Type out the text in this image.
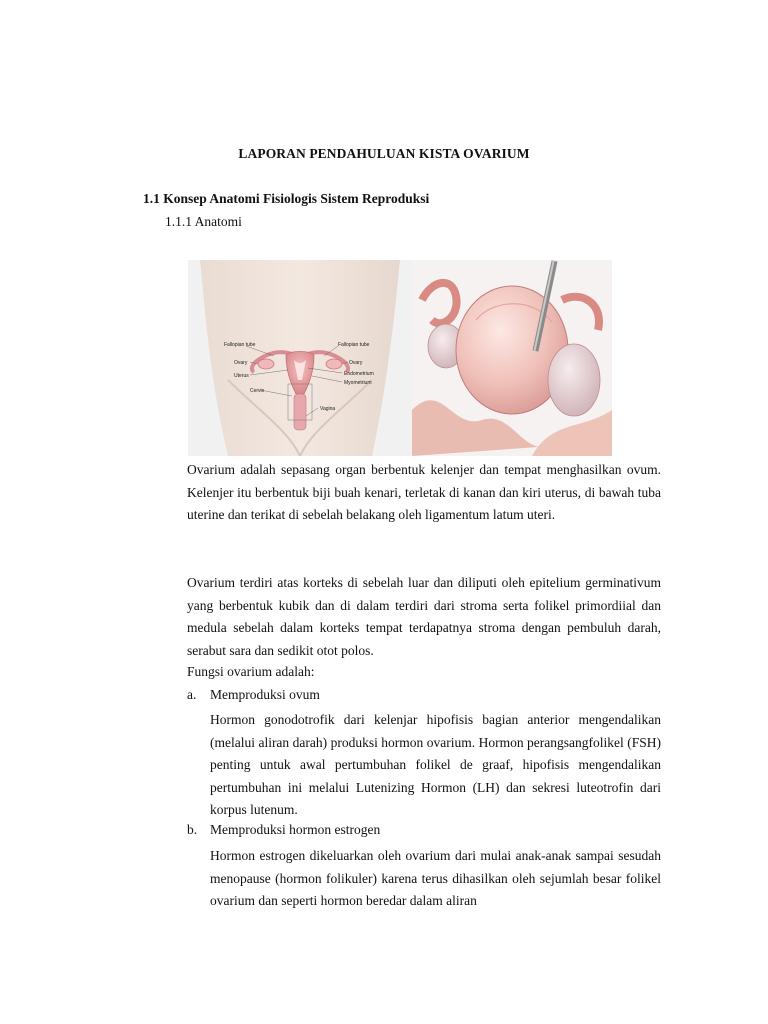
LAPORAN PENDAHULUAN KISTA OVARIUM
1.1 Konsep Anatomi Fisiologis Sistem Reproduksi
1.1.1 Anatomi
Fallopian tube	Fallopian tube
Ovary	Ovary
Uterus	Endometrium
Myometrium
Cervix
Vagina

Ovarium adalah sepasang organ berbentuk kelenjer dan tempat menghasilkan ovum. Kelenjer itu berbentuk biji buah kenari, terletak di kanan dan kiri uterus, di bawah tuba uterine dan terikat di sebelah belakang oleh ligamentum latum uteri.

Ovarium terdiri atas korteks di sebelah luar dan diliputi oleh epitelium germinativum yang berbentuk kubik dan di dalam terdiri dari stroma serta folikel primordiial dan medula sebelah dalam korteks tempat terdapatnya stroma dengan pembuluh darah, serabut sara dan sedikit otot polos.

Fungsi ovarium adalah:
a. Memproduksi ovum

Hormon gonodotrofik dari kelenjar hipofisis bagian anterior mengendalikan (melalui aliran darah) produksi hormon ovarium. Hormon perangsangfolikel (FSH) penting untuk awal pertumbuhan folikel de graaf, hipofisis mengendalikan pertumbuhan ini melalui Lutenizing Hormon (LH) dan sekresi luteotrofin dari korpus lutenum.

b. Memproduksi hormon estrogen

Hormon estrogen dikeluarkan oleh ovarium dari mulai anak-anak sampai sesudah menopause (hormon folikuler) karena terus dihasilkan oleh sejumlah besar folikel ovarium dan seperti hormon beredar dalam aliran
